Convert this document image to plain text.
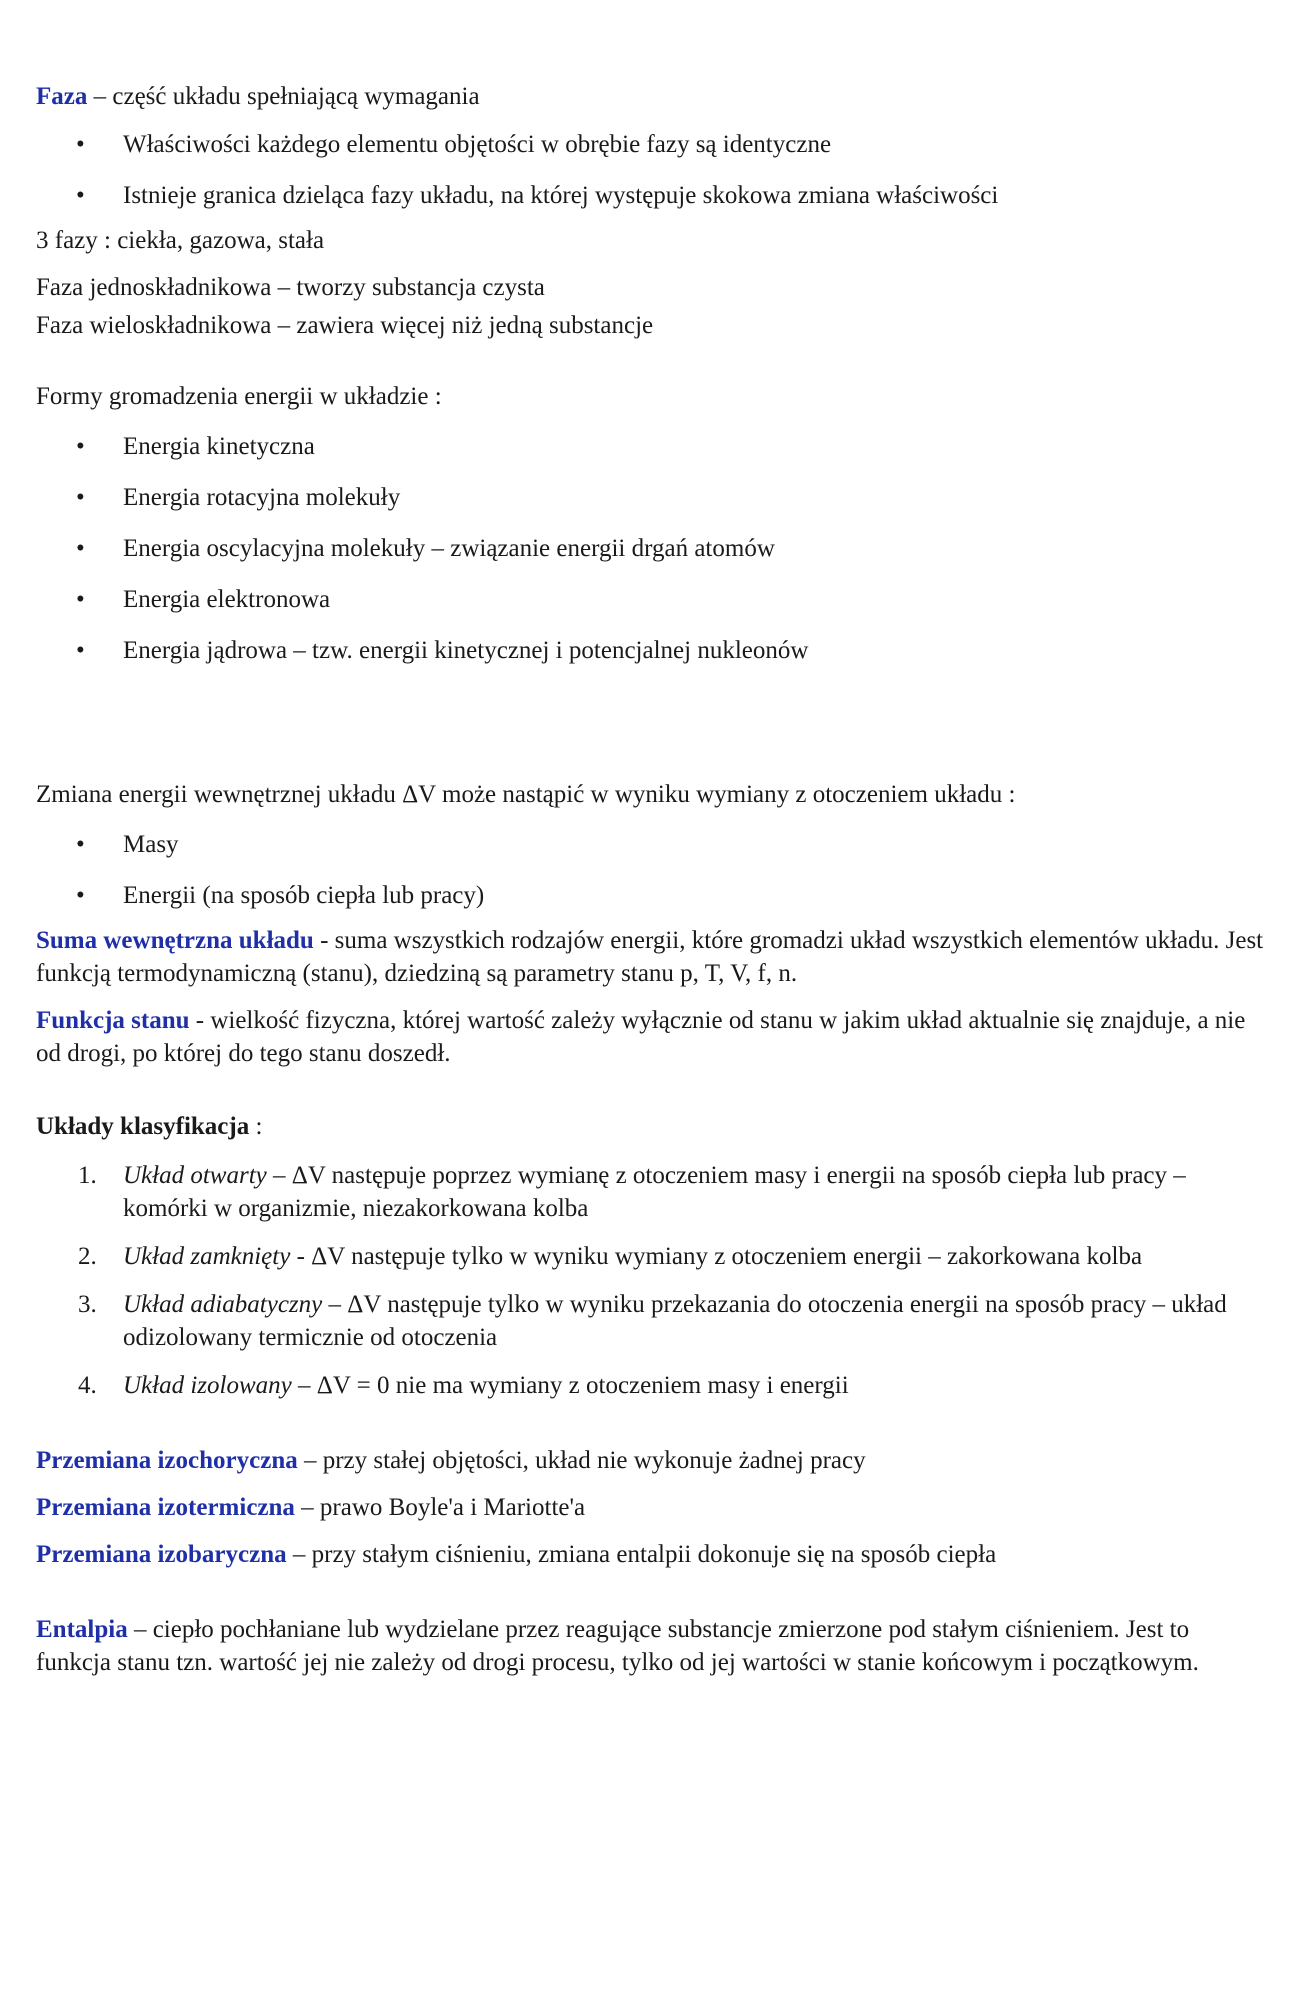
Faza – część układu spełniającą wymagania

• Właściwości każdego elementu objętości w obrębie fazy są identyczne
• Istnieje granica dzieląca fazy układu, na której występuje skokowa zmiana właściwości

3 fazy : ciekła, gazowa, stała

Faza jednoskładnikowa – tworzy substancja czysta

Faza wieloskładnikowa – zawiera więcej niż jedną substancje

Formy gromadzenia energii w układzie :

• Energia kinetyczna
• Energia rotacyjna molekuły
• Energia oscylacyjna molekuły – związanie energii drgań atomów
• Energia elektronowa
• Energia jądrowa – tzw. energii kinetycznej i potencjalnej nukleonów

Zmiana energii wewnętrznej układu ΔV może nastąpić w wyniku wymiany z otoczeniem układu :

• Masy
• Energii (na sposób ciepła lub pracy)

Suma wewnętrzna układu - suma wszystkich rodzajów energii, które gromadzi układ wszystkich elementów układu. Jest funkcją termodynamiczną (stanu), dziedziną są parametry stanu p, T, V, f, n.

Funkcja stanu - wielkość fizyczna, której wartość zależy wyłącznie od stanu w jakim układ aktualnie się znajduje, a nie od drogi, po której do tego stanu doszedł.

Układy klasyfikacja :

1. Układ otwarty – ΔV następuje poprzez wymianę z otoczeniem masy i energii na sposób ciepła lub pracy – komórki w organizmie, niezakorkowana kolba
2. Układ zamknięty - ΔV następuje tylko w wyniku wymiany z otoczeniem energii – zakorkowana kolba
3. Układ adiabatyczny – ΔV następuje tylko w wyniku przekazania do otoczenia energii na sposób pracy – układ odizolowany termicznie od otoczenia
4. Układ izolowany – ΔV = 0 nie ma wymiany z otoczeniem masy i energii

Przemiana izochoryczna – przy stałej objętości, układ nie wykonuje żadnej pracy

Przemiana izotermiczna – prawo Boyle'a i Mariotte'a

Przemiana izobaryczna – przy stałym ciśnieniu, zmiana entalpii dokonuje się na sposób ciepła

Entalpia – ciepło pochłaniane lub wydzielane przez reagujące substancje zmierzone pod stałym ciśnieniem. Jest to funkcja stanu tzn. wartość jej nie zależy od drogi procesu, tylko od jej wartości w stanie końcowym i początkowym.
